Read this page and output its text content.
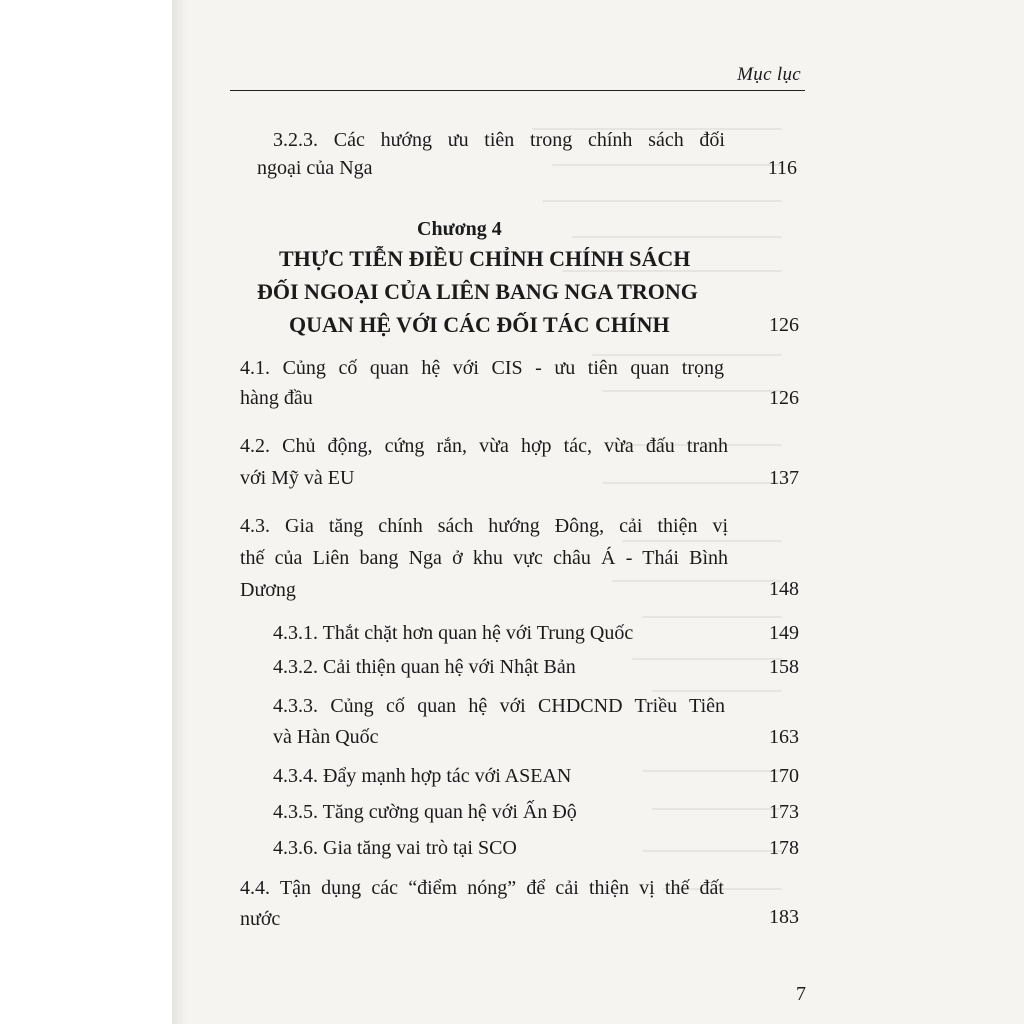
Mục lục
3.2.3. Các hướng ưu tiên trong chính sách đối
ngoại của Nga	116
Chương 4
THỰC TIỄN ĐIỀU CHỈNH CHÍNH SÁCH
ĐỐI NGOẠI CỦA LIÊN BANG NGA TRONG
QUAN HỆ VỚI CÁC ĐỐI TÁC CHÍNH	126
4.1. Củng cố quan hệ với CIS - ưu tiên quan trọng
hàng đầu	126
4.2. Chủ động, cứng rắn, vừa hợp tác, vừa đấu tranh
với Mỹ và EU	137
4.3. Gia tăng chính sách hướng Đông, cải thiện vị
thế của Liên bang Nga ở khu vực châu Á - Thái Bình
Dương	148
4.3.1. Thắt chặt hơn quan hệ với Trung Quốc	149
4.3.2. Cải thiện quan hệ với Nhật Bản	158
4.3.3. Củng cố quan hệ với CHDCND Triều Tiên
và Hàn Quốc	163
4.3.4. Đẩy mạnh hợp tác với ASEAN	170
4.3.5. Tăng cường quan hệ với Ấn Độ	173
4.3.6. Gia tăng vai trò tại SCO	178
4.4. Tận dụng các “điểm nóng” để cải thiện vị thế đất
nước	183
7
